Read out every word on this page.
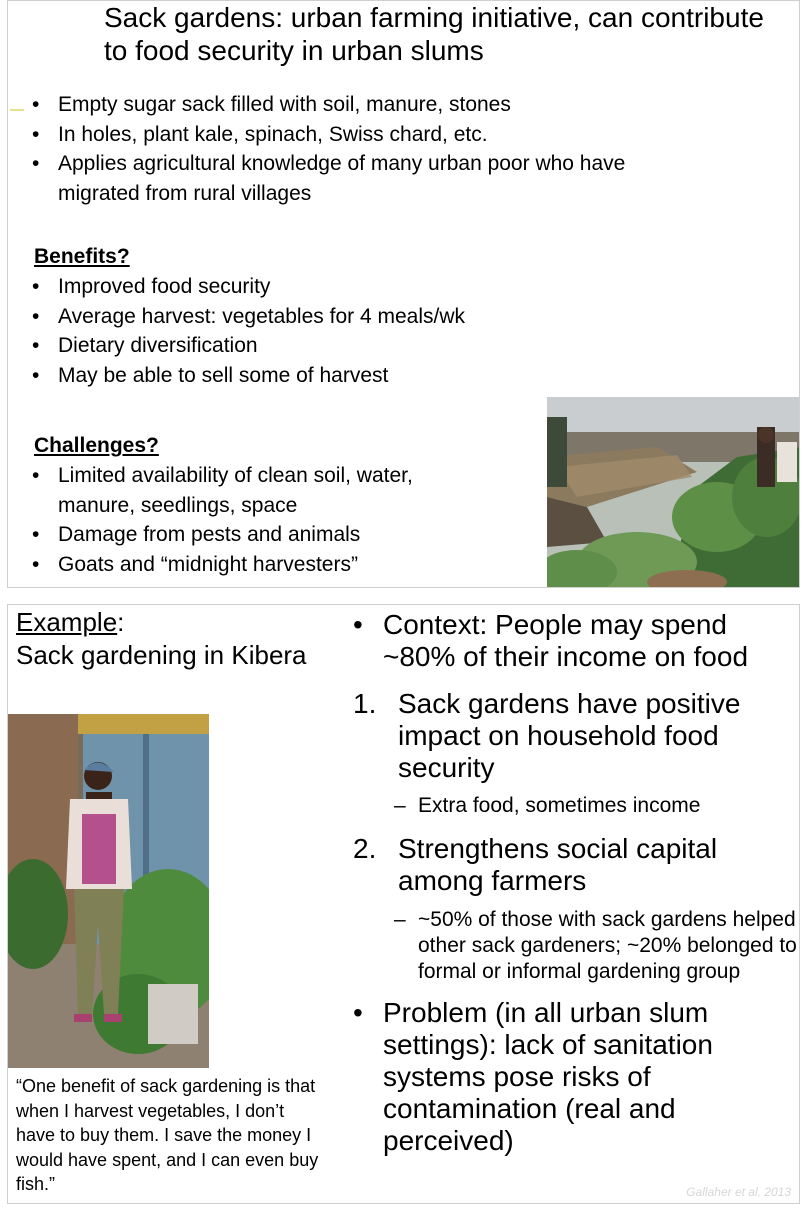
Sack gardens: urban farming initiative, can contribute to food security in urban slums
• Empty sugar sack filled with soil, manure, stones
• In holes, plant kale, spinach, Swiss chard, etc.
• Applies agricultural knowledge of many urban poor who have migrated from rural villages
Benefits?
• Improved food security
• Average harvest: vegetables for 4 meals/wk
• Dietary diversification
• May be able to sell some of harvest
Challenges?
• Limited availability of clean soil, water, manure, seedlings, space
• Damage from pests and animals
• Goats and “midnight harvesters”
Example:
Sack gardening in Kibera
“One benefit of sack gardening is that when I harvest vegetables, I don’t have to buy them. I save the money I would have spent, and I can even buy fish.”
• Context: People may spend ~80% of their income on food
1. Sack gardens have positive impact on household food security
– Extra food, sometimes income
2. Strengthens social capital among farmers
– ~50% of those with sack gardens helped other sack gardeners; ~20% belonged to formal or informal gardening group
• Problem (in all urban slum settings): lack of sanitation systems pose risks of contamination (real and perceived)
Gallaher et al, 2013
